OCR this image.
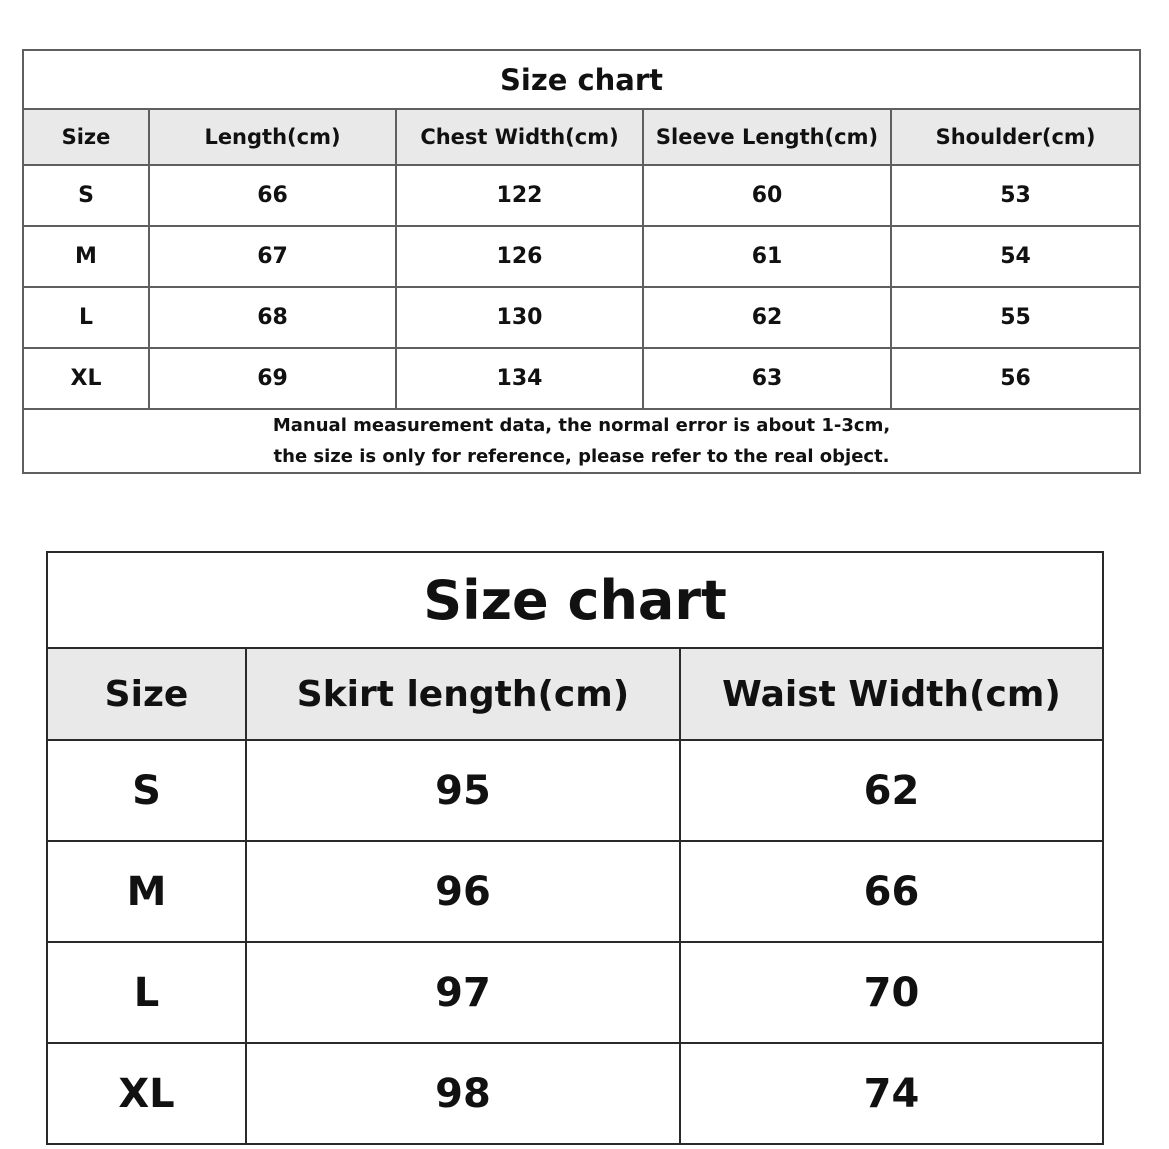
Size chart				
Size	Length(cm)	Chest Width(cm)	Sleeve Length(cm)	Shoulder(cm)
S	66	122	60	53
M	67	126	61	54
L	68	130	62	55
XL	69	134	63	56

Manual measurement data, the normal error is about 1-3cm,
the size is only for reference, please refer to the real object.				
Size chart		
Size	Skirt length(cm)	Waist Width(cm)
S	95	62
M	96	66
L	97	70
XL	98	74
